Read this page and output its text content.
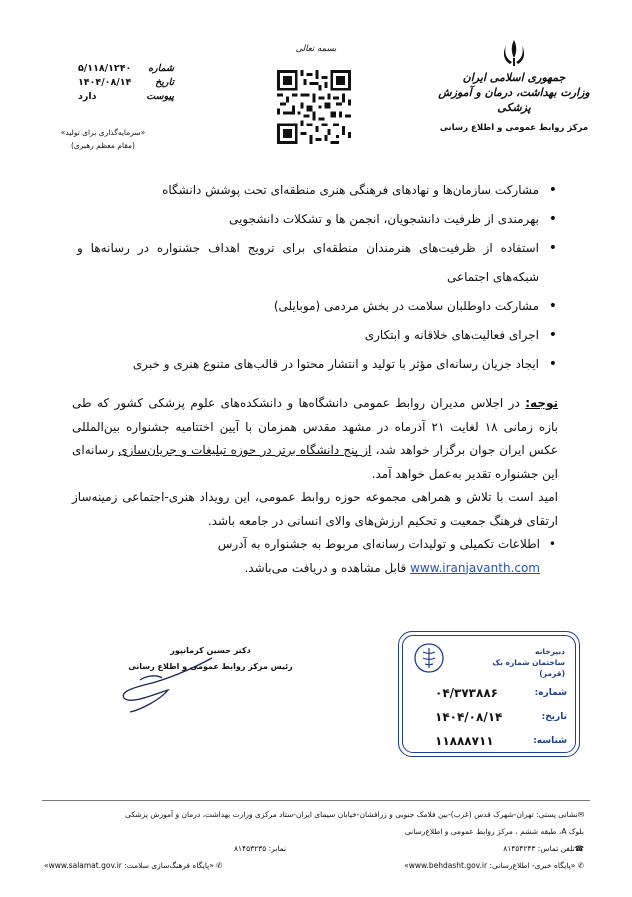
جمهوری اسلامی ایران
وزارت بهداشت، درمان و آموزش پزشکی
مرکز روابط عمومی و اطلاع رسانی
بسمه تعالی
شماره
۵/۱۱۸/۱۲۴۰
تاریخ
۱۴۰۴/۰۸/۱۴
پیوست
دارد
«سرمایه‌گذاری برای تولید»
(مقام معظم رهبری)
• مشارکت سازمان‌ها و نهادهای فرهنگی هنری منطقه‌ای تحت پوشش دانشگاه
• بهرمندی از ظرفیت دانشجویان، انجمن ها و تشکلات دانشجویی
• استفاده از ظرفیت‌های هنرمندان منطقه‌ای برای ترویج اهداف جشنواره در رسانه‌ها و شبکه‌های اجتماعی
• مشارکت داوطلبان سلامت در بخش مردمی (موبایلی)
• اجرای فعالیت‌های خلاقانه و ابتکاری
• ایجاد جریان رسانه‌ای مؤثر با تولید و انتشار محتوا در قالب‌های متنوع هنری و خبری
توجه: در اجلاس مدیران روابط عمومی دانشگاه‌ها و دانشکده‌های علوم پزشکی کشور که طی بازه زمانی ۱۸ لغایت ۲۱ آذرماه در مشهد مقدس همزمان با آیین اختتامیه جشنواره بین‌المللی عکس ایران جوان برگزار خواهد شد، از پنج دانشگاه برتر در حوزه تبلیغات و جریان‌سازی رسانه‌ای این جشنواره تقدیر به‌عمل خواهد آمد.
امید است با تلاش و همراهی مجموعه حوزه روابط عمومی، این رویداد هنری-اجتماعی زمینه‌ساز ارتقای فرهنگ جمعیت و تحکیم ارزش‌های والای انسانی در جامعه باشد.
• اطلاعات تکمیلی و تولیدات رسانه‌ای مربوط به جشنواره به آدرس
www.iranjavanth.com قابل مشاهده و دریافت می‌باشد.
دکتر حسین کرمانپور
رئیس مرکز روابط عمومی و اطلاع رسانی
دبیرخانه
ساختمان شماره یک
(قرمز)
شماره:
۰۴/۳۷۳۸۸۶
تاریخ:
۱۴۰۴/۰۸/۱۴
شناسه:
۱۱۸۸۸۷۱۱
✉نشانی پستی: تهران-شهرک قدس (غرب)-بین فلامک جنوبی و زرافشان-خیابان سیمای ایران-ستاد مرکزی وزارت بهداشت، درمان و آموزش پزشکی
بلوک A، طبقه ششم ، مرکز روابط عمومی و اطلاع‌رسانی
☎تلفن تماس: ۸۱۴۵۴۲۴۳
نمابر: ۸۱۴۵۳۲۳۵
✆ «پایگاه خبری- اطلاع‌رسانی: www.behdasht.gov.ir»
✆ «پایگاه فرهنگ‌سازی سلامت: www.salamat.gov.ir»
